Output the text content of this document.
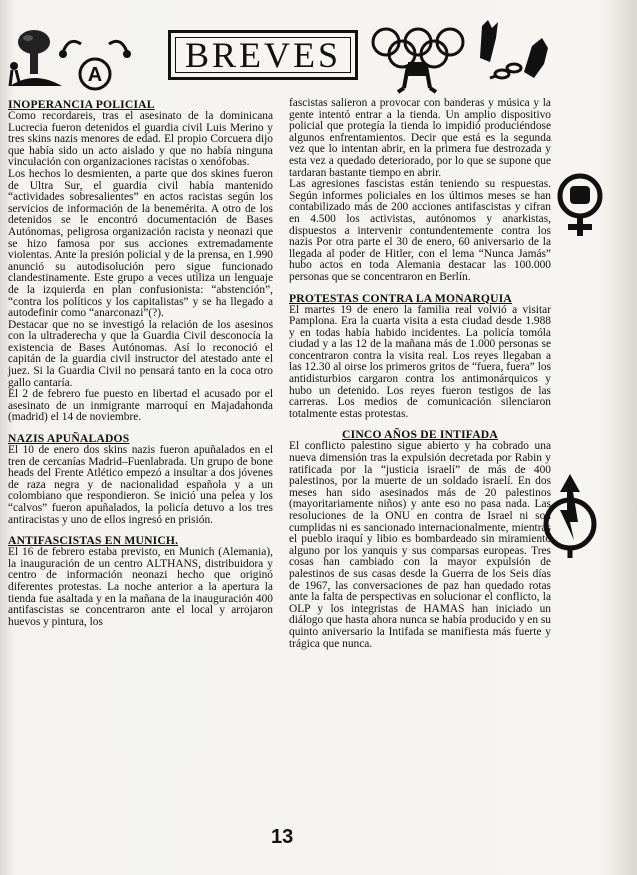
A BREVES
INOPERANCIA POLICIAL

Como recordareis, tras el asesinato de la dominicana Lucrecia fueron detenidos el guardia civil Luis Merino y tres skins nazis menores de edad. El propio Corcuera dijo que había sido un acto aislado y que no había ninguna vinculación con organizaciones racistas o xenófobas.

Los hechos lo desmienten, a parte que dos skines fueron de Ultra Sur, el guardia civil había mantenido “actividades sobresalientes” en actos racistas según los servicios de información de la benemérita. A otro de los detenidos se le encontró documentación de Bases Autónomas, peligrosa organización racista y neonazi que se hizo famosa por sus acciones extremadamente violentas. Ante la presión policial y de la prensa, en 1.990 anunció su autodisolución pero sigue funcionado clandestinamente. Este grupo a veces utiliza un lenguaje de la izquierda en plan confusionista: “abstención”, “contra los políticos y los capitalistas” y se ha llegado a autodefinir como “anarconazi”(?).

Destacar que no se investigó la relación de los asesinos con la ultraderecha y que la Guardia Civil desconocía la existencia de Bases Autónomas. Así lo reconoció el capitán de la guardia civil instructor del atestado ante el juez. Si la Guardia Civil no pensará tanto en la coca otro gallo cantaría.

El 2 de febrero fue puesto en libertad el acusado por el asesinato de un inmigrante marroquí en Majadahonda (madrid) el 14 de noviembre.

NAZIS APUÑALADOS

El 10 de enero dos skins nazis fueron apuñalados en el tren de cercanías Madrid–Fuenlabrada. Un grupo de bone heads del Frente Atlético empezó a insultar a dos jóvenes de raza negra y de nacionalidad española y a un colombiano que respondieron. Se inició una pelea y los “calvos” fueron apuñalados, la policía detuvo a los tres antiracistas y uno de ellos ingresó en prisión.

ANTIFASCISTAS EN MUNICH.

El 16 de febrero estaba previsto, en Munich (Alemania), la inauguración de un centro ALTHANS, distribuidora y centro de información neonazi hecho que originó diferentes protestas. La noche anterior a la apertura la tienda fue asaltada y en la mañana de la inauguración 400 antifascistas se concentraron ante el local y arrojaron huevos y pintura, los

fascistas salieron a provocar con banderas y música y la gente intentó entrar a la tienda. Un amplio dispositivo policial que protegía la tienda lo impidió produciéndose algunos enfrentamientos. Decir que está es la segunda vez que lo intentan abrir, en la primera fue destrozada y esta vez a quedado deteriorado, por lo que se supone que tardaran bastante tiempo en abrir.

Las agresiones fascistas están teniendo su respuestas. Según informes policiales en los últimos meses se han contabilizado más de 200 acciones antifascistas y cifran en 4.500 los activistas, autónomos y anarkistas, dispuestos a intervenir contundentemente contra los nazis Por otra parte el 30 de enero, 60 aniversario de la llegada al poder de Hitler, con el lema “Nunca Jamás” hubo actos en toda Alemania destacar las 100.000 personas que se concentraron en Berlín.

PROTESTAS CONTRA LA MONARQUIA

El martes 19 de enero la familia real volvió a visitar Pamplona. Era la cuarta visita a esta ciudad desde 1.988 y en todas había habido incidentes. La policía tomóla ciudad y a las 12 de la mañana más de 1.000 personas se concentraron contra la visita real. Los reyes llegaban a las 12.30 al oirse los primeros gritos de “fuera, fuera” los antidisturbios cargaron contra los antimonárquicos y hubo un detenido. Los reyes fueron testigos de las carreras. Los medios de comunicación silenciaron totalmente estas protestas.

CINCO AÑOS DE INTIFADA

El conflicto palestino sigue abierto y ha cobrado una nueva dimensión tras la expulsión decretada por Rabin y ratificada por la “justicia israelí” de más de 400 palestinos, por la muerte de un soldado israelí. En dos meses han sido asesinados más de 20 palestinos (mayoritariamente niños) y ante eso no pasa nada. Las resoluciones de la ONU en contra de Israel ni son cumplidas ni es sancionado internacionalmente, mientras el pueblo iraquí y libio es bombardeado sin miramiento alguno por los yanquis y sus comparsas europeas. Tres cosas han cambiado con la mayor expulsión de palestinos de sus casas desde la Guerra de los Seis días de 1967, las conversaciones de paz han quedado rotas ante la falta de perspectivas en solucionar el conflicto, la OLP y los integristas de HAMAS han iniciado un diálogo que hasta ahora nunca se había producido y en su quinto aniversario la Intifada se manifiesta más fuerte y trágica que nunca.

13
